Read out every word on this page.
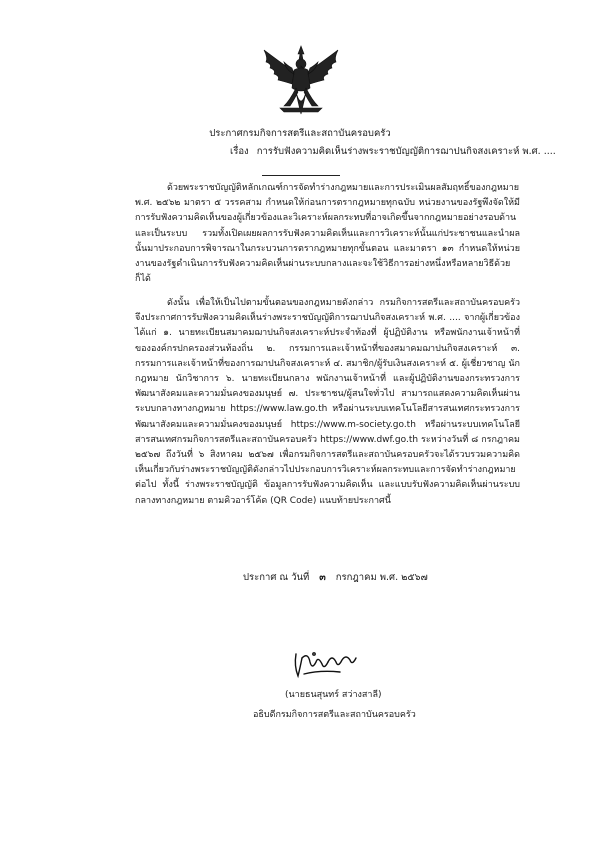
ประกาศกรมกิจการสตรีและสถาบันครอบครัว
เรื่อง การรับฟังความคิดเห็นร่างพระราชบัญญัติการฌาปนกิจสงเคราะห์ พ.ศ. ....

ด้วยพระราชบัญญัติหลักเกณฑ์การจัดทำร่างกฎหมายและการประเมินผลสัมฤทธิ์ของกฎหมาย พ.ศ. ๒๕๖๒ มาตรา ๕ วรรคสาม กำหนดให้ก่อนการตรากฎหมายทุกฉบับ หน่วยงานของรัฐพึงจัดให้มีการรับฟังความคิดเห็นของผู้เกี่ยวข้องและวิเคราะห์ผลกระทบที่อาจเกิดขึ้นจากกฎหมายอย่างรอบด้านและเป็นระบบ รวมทั้งเปิดเผยผลการรับฟังความคิดเห็นและการวิเคราะห์นั้นแก่ประชาชนและนำผลนั้นมาประกอบการพิจารณาในกระบวนการตรากฎหมายทุกขั้นตอน และมาตรา ๑๓ กำหนดให้หน่วยงานของรัฐดำเนินการรับฟังความคิดเห็นผ่านระบบกลางและจะใช้วิธีการอย่างหนึ่งหรือหลายวิธีด้วยก็ได้

ดังนั้น เพื่อให้เป็นไปตามขั้นตอนของกฎหมายดังกล่าว กรมกิจการสตรีและสถาบันครอบครัวจึงประกาศการรับฟังความคิดเห็นร่างพระราชบัญญัติการฌาปนกิจสงเคราะห์ พ.ศ. .... จากผู้เกี่ยวข้อง ได้แก่ ๑. นายทะเบียนสมาคมฌาปนกิจสงเคราะห์ประจำท้องที่ ผู้ปฏิบัติงาน หรือพนักงานเจ้าหน้าที่ขององค์กรปกครองส่วนท้องถิ่น ๒. กรรมการและเจ้าหน้าที่ของสมาคมฌาปนกิจสงเคราะห์ ๓. กรรมการและเจ้าหน้าที่ของการฌาปนกิจสงเคราะห์ ๔. สมาชิก/ผู้รับเงินสงเคราะห์ ๕. ผู้เชี่ยวชาญ นักกฎหมาย นักวิชาการ ๖. นายทะเบียนกลาง พนักงานเจ้าหน้าที่ และผู้ปฏิบัติงานของกระทรวงการพัฒนาสังคมและความมั่นคงของมนุษย์ ๗. ประชาชน/ผู้สนใจทั่วไป สามารถแสดงความคิดเห็นผ่านระบบกลางทางกฎหมาย https://www.law.go.th หรือผ่านระบบเทคโนโลยีสารสนเทศกระทรวงการพัฒนาสังคมและความมั่นคงของมนุษย์ https://www.m-society.go.th หรือผ่านระบบเทคโนโลยีสารสนเทศกรมกิจการสตรีและสถาบันครอบครัว https://www.dwf.go.th ระหว่างวันที่ ๘ กรกฎาคม ๒๕๖๗ ถึงวันที่ ๖ สิงหาคม ๒๕๖๗ เพื่อกรมกิจการสตรีและสถาบันครอบครัวจะได้รวบรวมความคิดเห็นเกี่ยวกับร่างพระราชบัญญัติดังกล่าวไปประกอบการวิเคราะห์ผลกระทบและการจัดทำร่างกฎหมายต่อไป ทั้งนี้ ร่างพระราชบัญญัติ ข้อมูลการรับฟังความคิดเห็น และแบบรับฟังความคิดเห็นผ่านระบบกลางทางกฎหมาย ตามคิวอาร์โค้ด (QR Code) แนบท้ายประกาศนี้

ประกาศ ณ วันที่ ๓ กรกฎาคม พ.ศ. ๒๕๖๗
(นายธนสุนทร์ สว่างสาลี)
อธิบดีกรมกิจการสตรีและสถาบันครอบครัว
